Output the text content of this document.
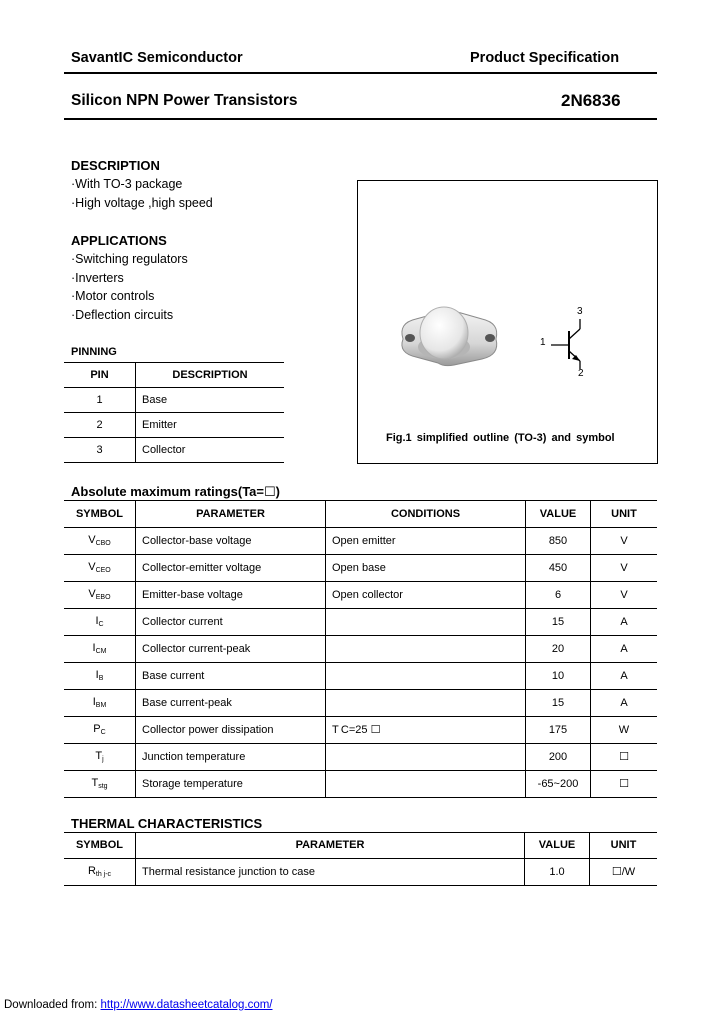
SavantIC Semiconductor	Product Specification
Silicon NPN Power Transistors	2N6836
DESCRIPTION
·With TO-3 package
·High voltage ,high speed
APPLICATIONS
·Switching regulators
·Inverters
·Motor controls
·Deflection circuits
PINNING
PIN	DESCRIPTION
1	Base
2	Emitter
3	Collector
1
2
3
Fig.1 simplified outline (TO-3) and symbol
Absolute maximum ratings(Ta=☐)
SYMBOL	PARAMETER	CONDITIONS	VALUE	UNIT
$V_{CBO}$	Collector-base voltage	Open emitter	850	V
$V_{CEO}$	Collector-emitter voltage	Open base	450	V
$V_{EBO}$	Emitter-base voltage	Open collector	6	V
$I_C$	Collector current		15	A
$I_{CM}$	Collector current-peak		20	A
$I_B$	Base current		10	A
$I_{BM}$	Base current-peak		15	A
$P_C$	Collector power dissipation	T C=25 ☐	175	W
$T_j$	Junction temperature		200	☐
$T_{stg}$	Storage temperature		-65~200	☐
THERMAL CHARACTERISTICS
SYMBOL	PARAMETER	VALUE	UNIT
$R_{th j-c}$	Thermal resistance junction to case	1.0	☐/W
Downloaded from: http://www.datasheetcatalog.com/
